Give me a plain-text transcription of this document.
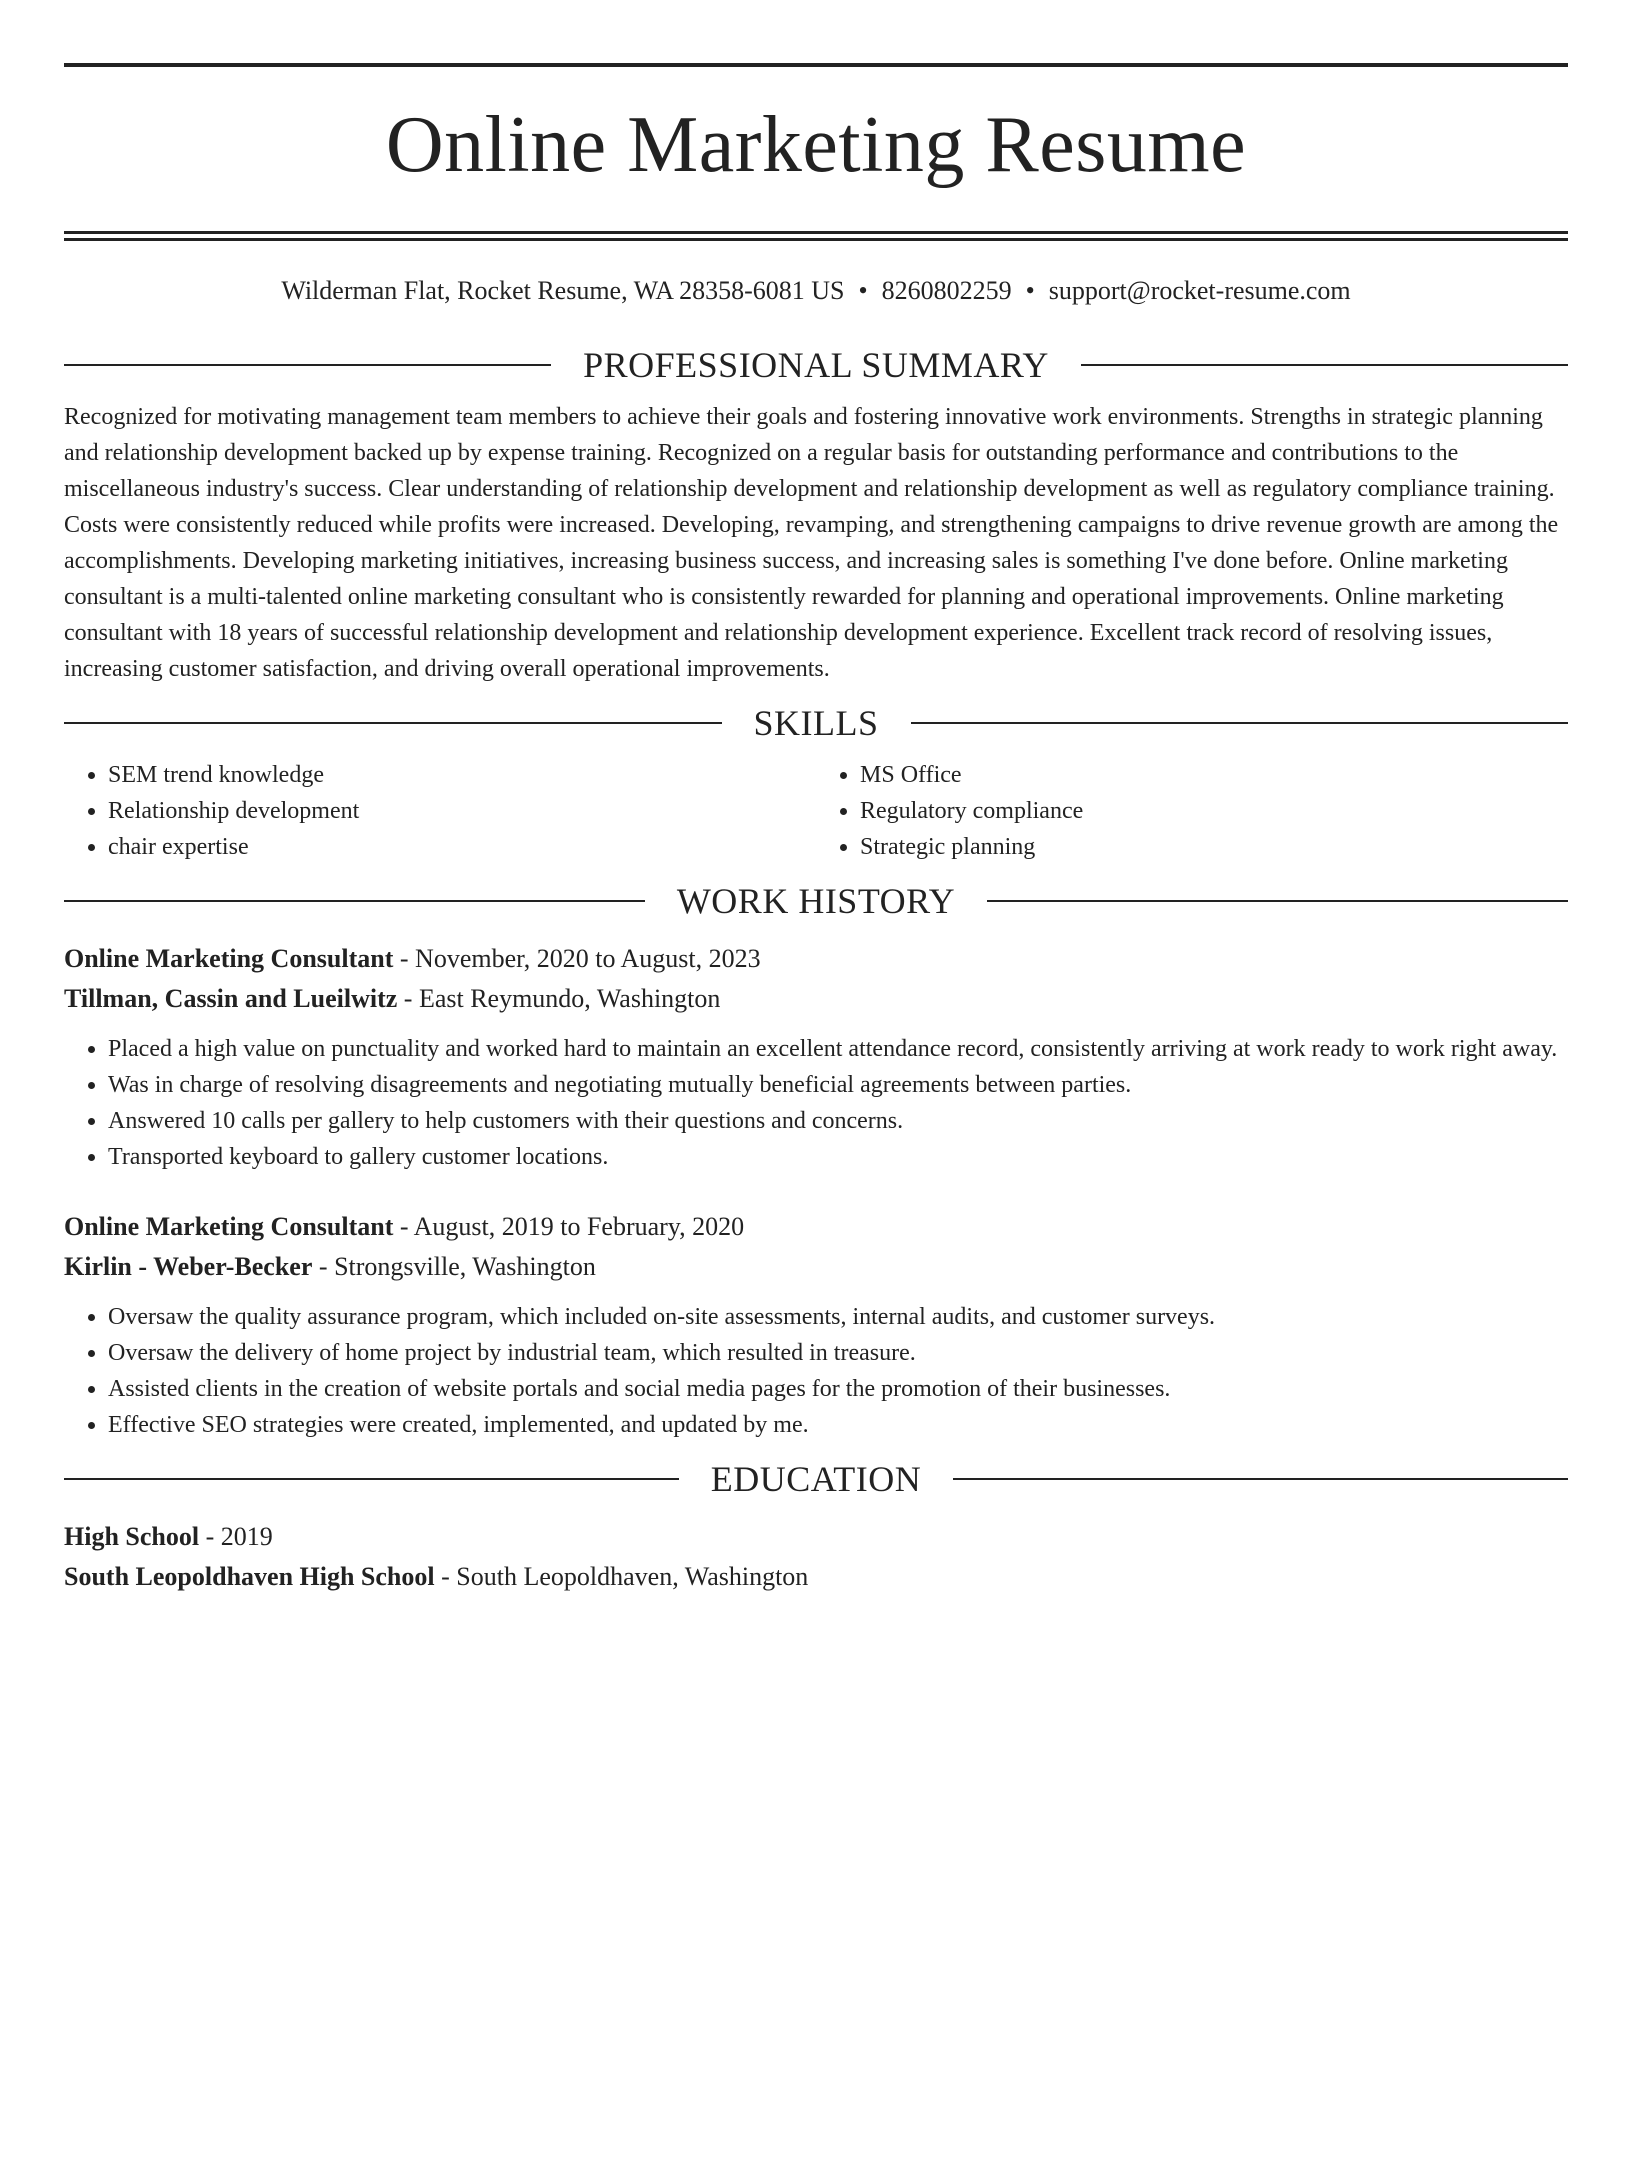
Online Marketing Resume
Wilderman Flat, Rocket Resume, WA 28358-6081 US • 8260802259 • support@rocket-resume.com
PROFESSIONAL SUMMARY

Recognized for motivating management team members to achieve their goals and fostering innovative work environments. Strengths in strategic planning and relationship development backed up by expense training. Recognized on a regular basis for outstanding performance and contributions to the miscellaneous industry's success. Clear understanding of relationship development and relationship development as well as regulatory compliance training. Costs were consistently reduced while profits were increased. Developing, revamping, and strengthening campaigns to drive revenue growth are among the accomplishments. Developing marketing initiatives, increasing business success, and increasing sales is something I've done before. Online marketing consultant is a multi-talented online marketing consultant who is consistently rewarded for planning and operational improvements. Online marketing consultant with 18 years of successful relationship development and relationship development experience. Excellent track record of resolving issues, increasing customer satisfaction, and driving overall operational improvements.

SKILLS
• SEM trend knowledge
• Relationship development
• chair expertise
• MS Office
• Regulatory compliance
• Strategic planning
WORK HISTORY

Online Marketing Consultant - November, 2020 to August, 2023

Tillman, Cassin and Lueilwitz - East Reymundo, Washington

• Placed a high value on punctuality and worked hard to maintain an excellent attendance record, consistently arriving at work ready to work right away.
• Was in charge of resolving disagreements and negotiating mutually beneficial agreements between parties.
• Answered 10 calls per gallery to help customers with their questions and concerns.
• Transported keyboard to gallery customer locations.

Online Marketing Consultant - August, 2019 to February, 2020

Kirlin - Weber-Becker - Strongsville, Washington

• Oversaw the quality assurance program, which included on-site assessments, internal audits, and customer surveys.
• Oversaw the delivery of home project by industrial team, which resulted in treasure.
• Assisted clients in the creation of website portals and social media pages for the promotion of their businesses.
• Effective SEO strategies were created, implemented, and updated by me.
EDUCATION

High School - 2019

South Leopoldhaven High School - South Leopoldhaven, Washington
